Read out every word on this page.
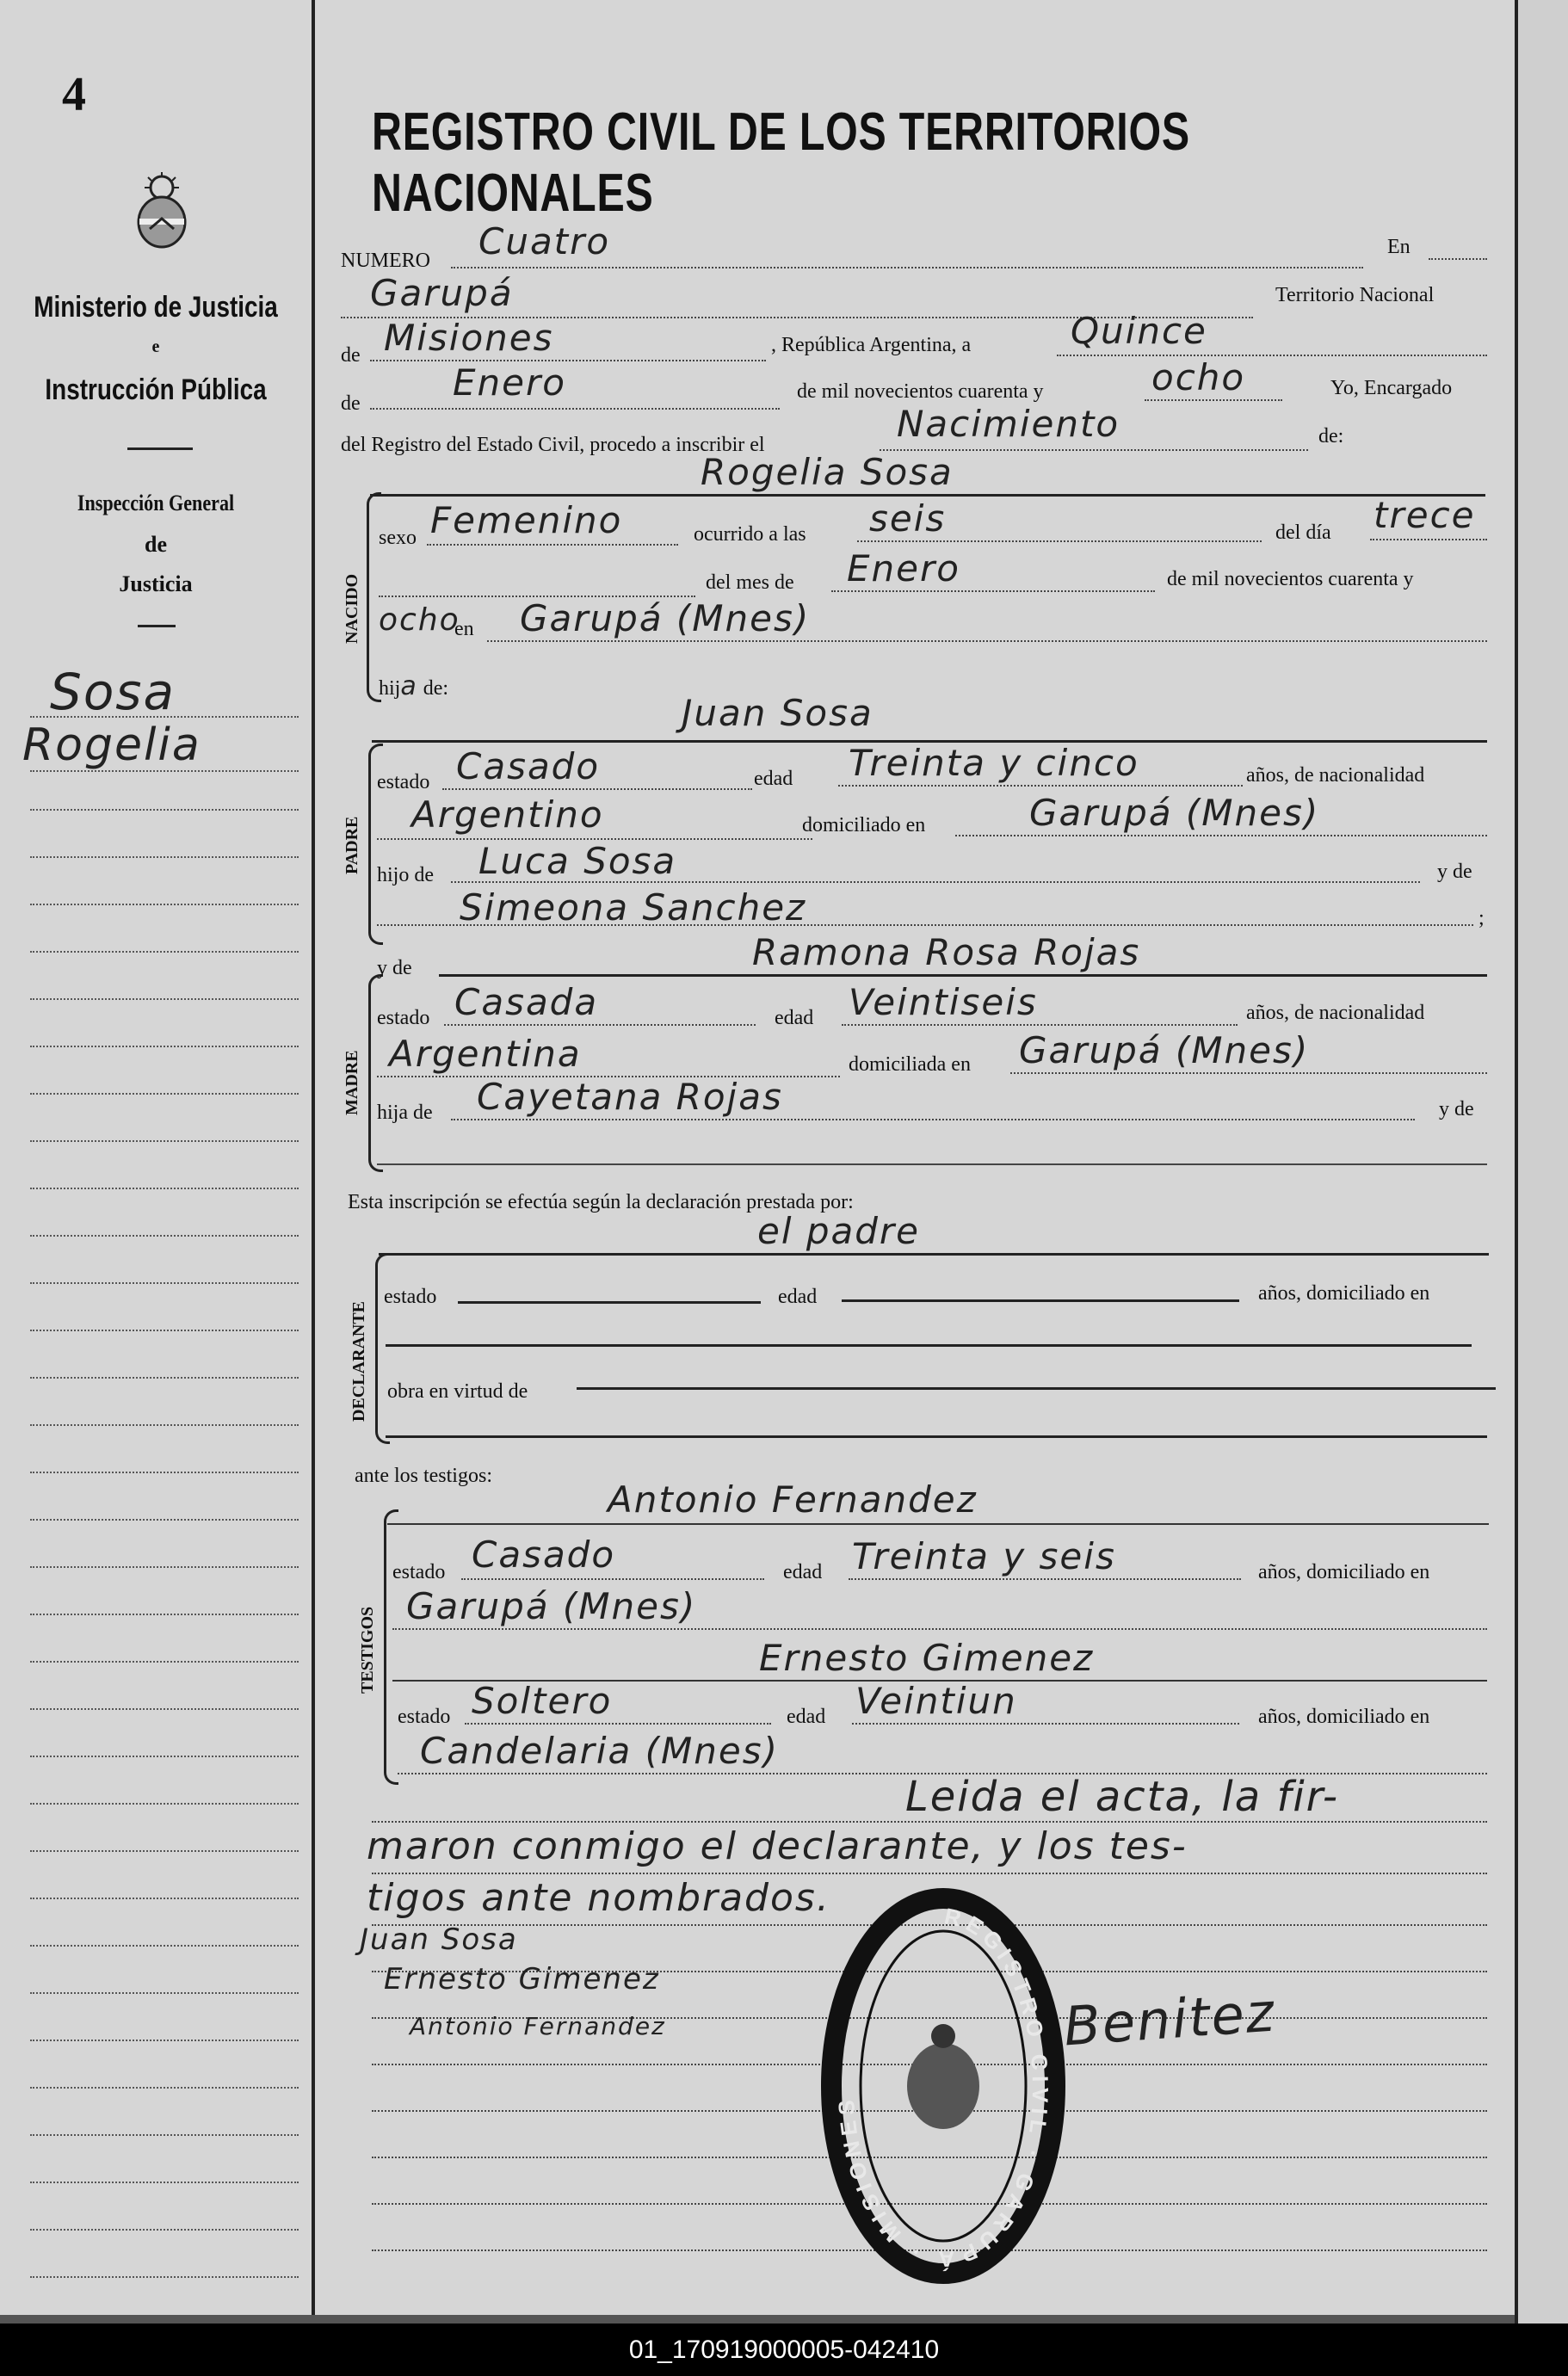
4
Ministerio de Justicia
e
Instrucción Pública
Inspección General
de
Justicia
Sosa
Rogelia
REGISTRO CIVIL DE LOS TERRITORIOS NACIONALES
NUMERO Cuatro	En
Garupá	Territorio Nacional
de Misiones	, República Argentina, a	Quince
de	Enero	de mil novecientos cuarenta y	ocho	Yo, Encargado
del Registro del Estado Civil, procedo a inscribir el	Nacimiento	de:
NACIDO
Rogelia Sosa
sexo Femenino	ocurrido a las seis	del día trece
del mes de Enero	de mil novecientos cuarenta y
ocho
en Garupá (Mnes)
hija de:
PADRE
Juan Sosa
estado Casado	edad Treinta y cinco	años, de nacionalidad
Argentino	domiciliado en	Garupá (Mnes)
hijo de Luca Sosa	y de
Simeona Sanchez	;
MADRE
y de	Ramona Rosa Rojas
estado Casada	edad Veintiseis	años, de nacionalidad
Argentina	domiciliada en Garupá (Mnes)
hija de Cayetana Rojas	y de
Esta inscripción se efectúa según la declaración prestada por:
DECLARANTE
el padre
estado	edad	años, domiciliado en
obra en virtud de
ante los testigos:
TESTIGOS
Antonio Fernandez
estado Casado	edad Treinta y seis	años, domiciliado en
Garupá (Mnes)
Ernesto Gimenez
estado Soltero	edad Veintiun	años, domiciliado en
Candelaria (Mnes)
Leida el acta, la fir-
maron conmigo el declarante, y los tes-
tigos ante nombrados.
Juan Sosa
Ernesto Gimenez
Antonio Fernandez	Benitez
REGISTRO CIVIL · GARUPÁ · MISIONES
01_170919000005-042410
